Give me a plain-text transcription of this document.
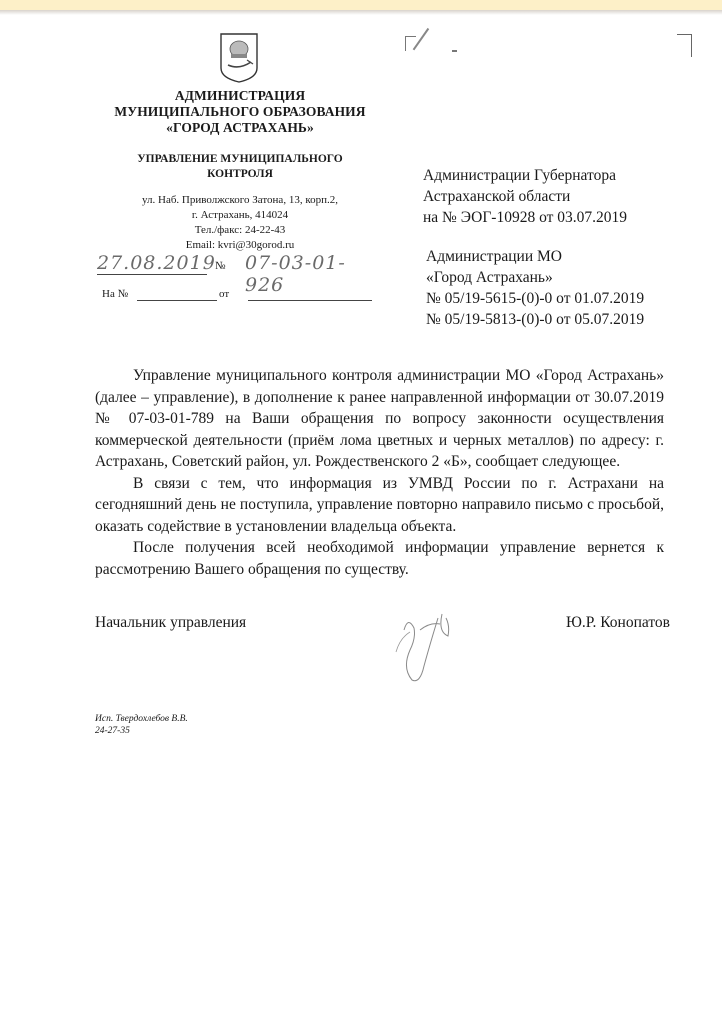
АДМИНИСТРАЦИЯ
МУНИЦИПАЛЬНОГО ОБРАЗОВАНИЯ
«ГОРОД АСТРАХАНЬ»
УПРАВЛЕНИЕ МУНИЦИПАЛЬНОГО
КОНТРОЛЯ
ул. Наб. Приволжского Затона, 13, корп.2,
г. Астрахань, 414024
Тел./факс: 24-22-43
Email: kvri@30gorod.ru
27.08.2019 № 07-03-01-926
На №	от
Администрации Губернатора
Астраханской области
на № ЭОГ-10928 от 03.07.2019
Администрации МО
«Город Астрахань»
№ 05/19-5615-(0)-0 от 01.07.2019
№ 05/19-5813-(0)-0 от 05.07.2019

Управление муниципального контроля администрации МО «Город Астрахань» (далее – управление), в дополнение к ранее направленной информации от 30.07.2019 № 07-03-01-789 на Ваши обращения по вопросу законности осуществления коммерческой деятельности (приём лома цветных и черных металлов) по адресу: г. Астрахань, Советский район, ул. Рождественского 2 «Б», сообщает следующее.

В связи с тем, что информация из УМВД России по г. Астрахани на сегодняшний день не поступила, управление повторно направило письмо с просьбой, оказать содействие в установлении владельца объекта.

После получения всей необходимой информации управление вернется к рассмотрению Вашего обращения по существу.

Начальник управления	Ю.Р. Конопатов
Исп. Твердохлебов В.В.
24-27-35
